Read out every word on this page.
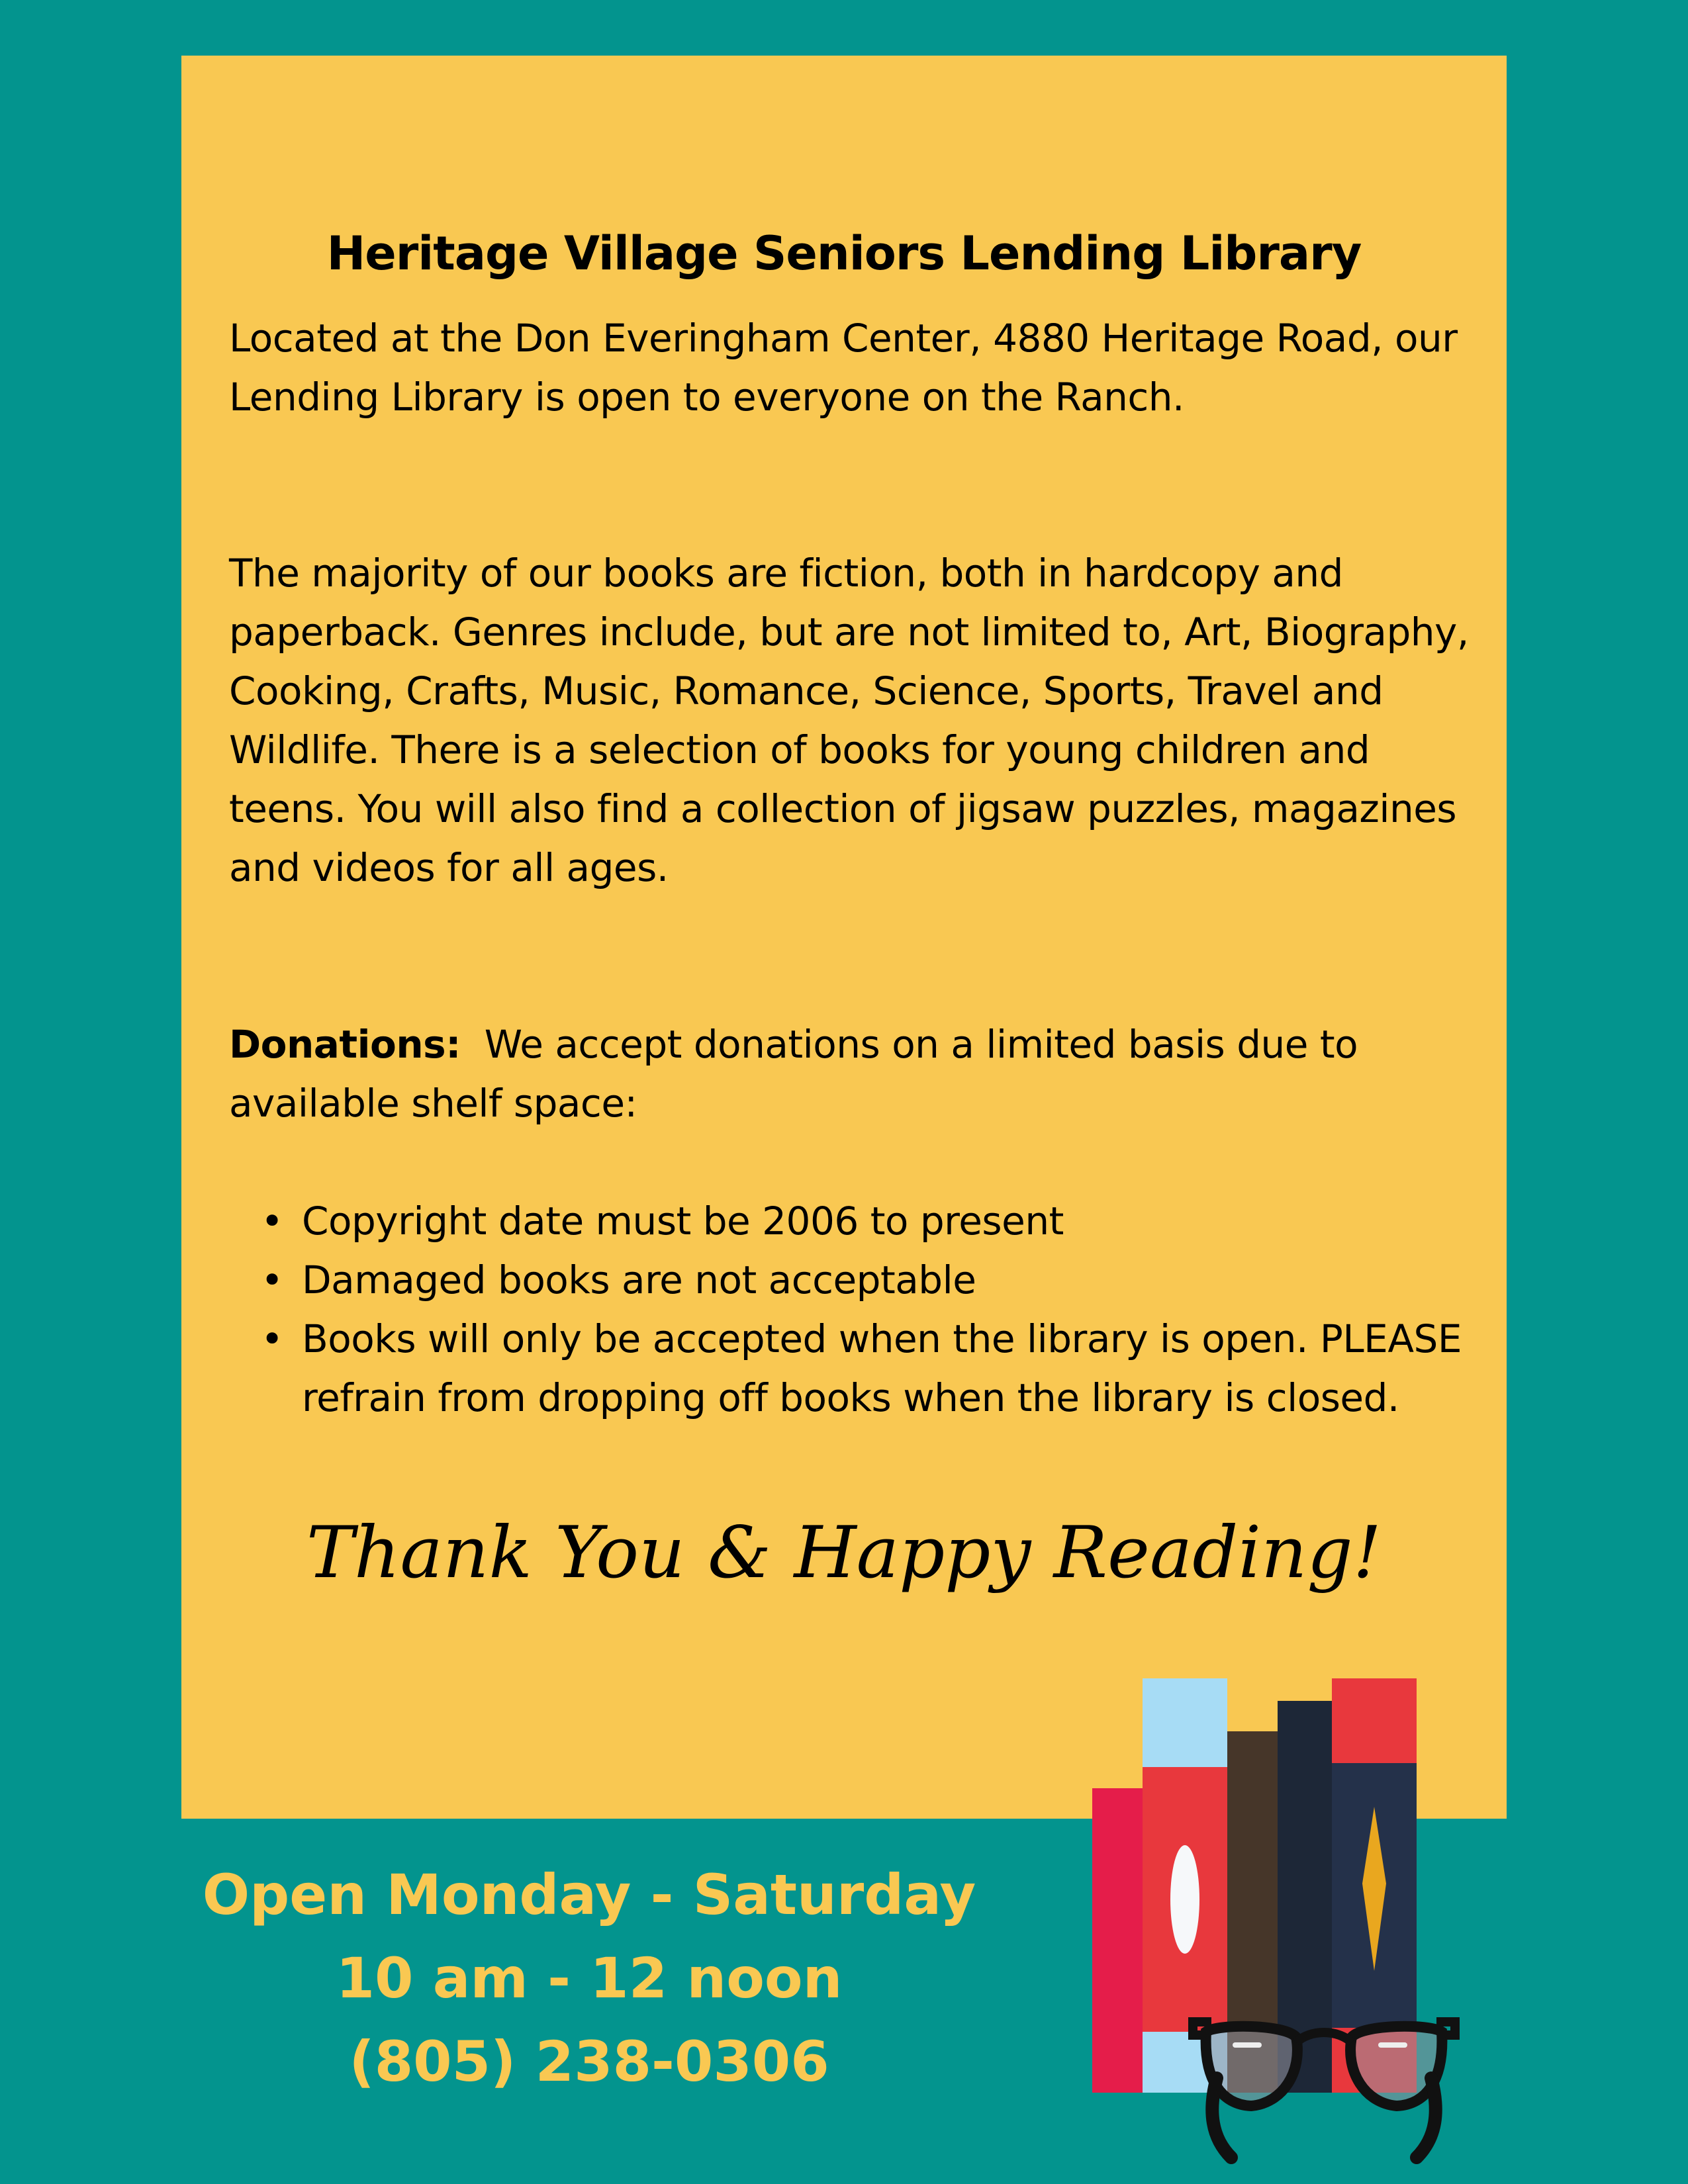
Heritage Village Seniors Lending Library

Located at the Don Everingham Center, 4880 Heritage Road, our Lending Library is open to everyone on the Ranch.

The majority of our books are fiction, both in hardcopy and paperback. Genres include, but are not limited to, Art, Biography, Cooking, Crafts, Music, Romance, Science, Sports, Travel and Wildlife. There is a selection of books for young children and teens. You will also find a collection of jigsaw puzzles, magazines and videos for all ages.

Donations: We accept donations on a limited basis due to available shelf space:

• Copyright date must be 2006 to present
• Damaged books are not acceptable
• Books will only be accepted when the library is open. PLEASE refrain from dropping off books when the library is closed.
Thank You & Happy Reading!
Open Monday - Saturday
10 am - 12 noon
(805) 238-0306
